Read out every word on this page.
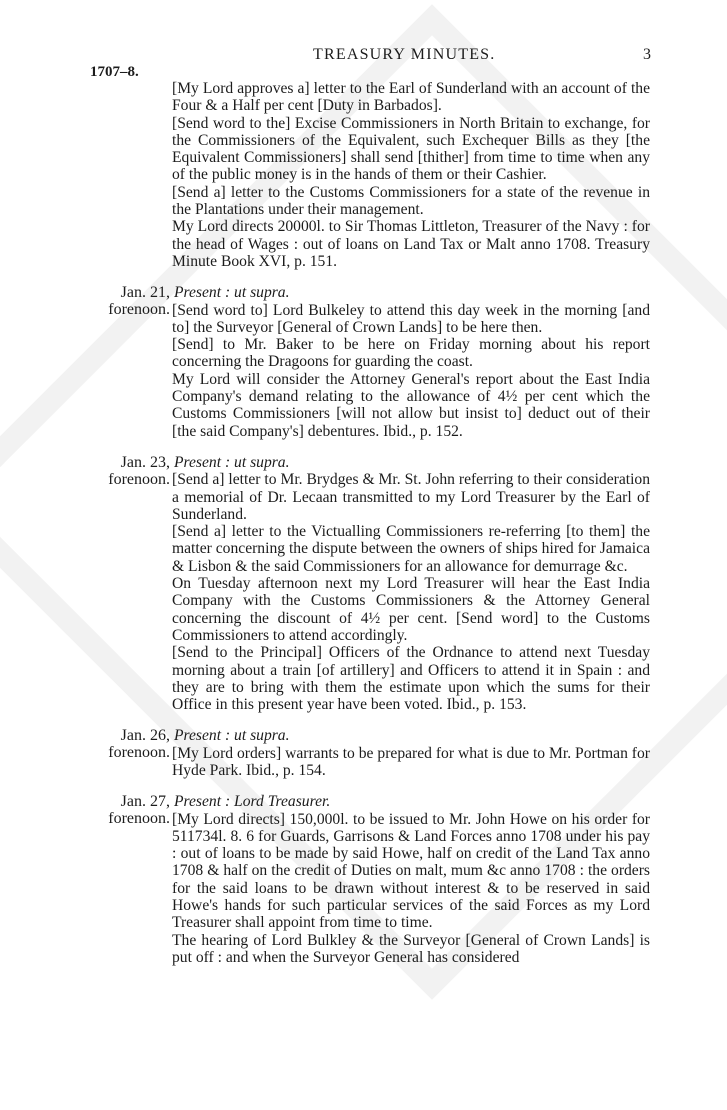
1707–8.
TREASURY MINUTES.	3

[My Lord approves a] letter to the Earl of Sunderland with an account of the Four & a Half per cent [Duty in Barbados].

[Send word to the] Excise Commissioners in North Britain to exchange, for the Commissioners of the Equivalent, such Exchequer Bills as they [the Equivalent Commissioners] shall send [thither] from time to time when any of the public money is in the hands of them or their Cashier.

[Send a] letter to the Customs Commissioners for a state of the revenue in the Plantations under their management.

My Lord directs 20000l. to Sir Thomas Littleton, Treasurer of the Navy : for the head of Wages : out of loans on Land Tax or Malt anno 1708. Treasury Minute Book XVI, p. 151.

Jan. 21,
forenoon.

Present : ut supra.

[Send word to] Lord Bulkeley to attend this day week in the morning [and to] the Surveyor [General of Crown Lands] to be here then.

[Send] to Mr. Baker to be here on Friday morning about his report concerning the Dragoons for guarding the coast.

My Lord will consider the Attorney General's report about the East India Company's demand relating to the allowance of 4½ per cent which the Customs Commissioners [will not allow but insist to] deduct out of their [the said Company's] debentures. Ibid., p. 152.

Jan. 23,
forenoon.

Present : ut supra.

[Send a] letter to Mr. Brydges & Mr. St. John referring to their consideration a memorial of Dr. Lecaan transmitted to my Lord Treasurer by the Earl of Sunderland.

[Send a] letter to the Victualling Commissioners re-referring [to them] the matter concerning the dispute between the owners of ships hired for Jamaica & Lisbon & the said Commissioners for an allowance for demurrage &c.

On Tuesday afternoon next my Lord Treasurer will hear the East India Company with the Customs Commissioners & the Attorney General concerning the discount of 4½ per cent. [Send word] to the Customs Commissioners to attend accordingly.

[Send to the Principal] Officers of the Ordnance to attend next Tuesday morning about a train [of artillery] and Officers to attend it in Spain : and they are to bring with them the estimate upon which the sums for their Office in this present year have been voted. Ibid., p. 153.

Jan. 26,
forenoon.

Present : ut supra.

[My Lord orders] warrants to be prepared for what is due to Mr. Portman for Hyde Park. Ibid., p. 154.

Jan. 27,
forenoon.

Present : Lord Treasurer.

[My Lord directs] 150,000l. to be issued to Mr. John Howe on his order for 511734l. 8. 6 for Guards, Garrisons & Land Forces anno 1708 under his pay : out of loans to be made by said Howe, half on credit of the Land Tax anno 1708 & half on the credit of Duties on malt, mum &c anno 1708 : the orders for the said loans to be drawn without interest & to be reserved in said Howe's hands for such particular services of the said Forces as my Lord Treasurer shall appoint from time to time.

The hearing of Lord Bulkley & the Surveyor [General of Crown Lands] is put off : and when the Surveyor General has considered
